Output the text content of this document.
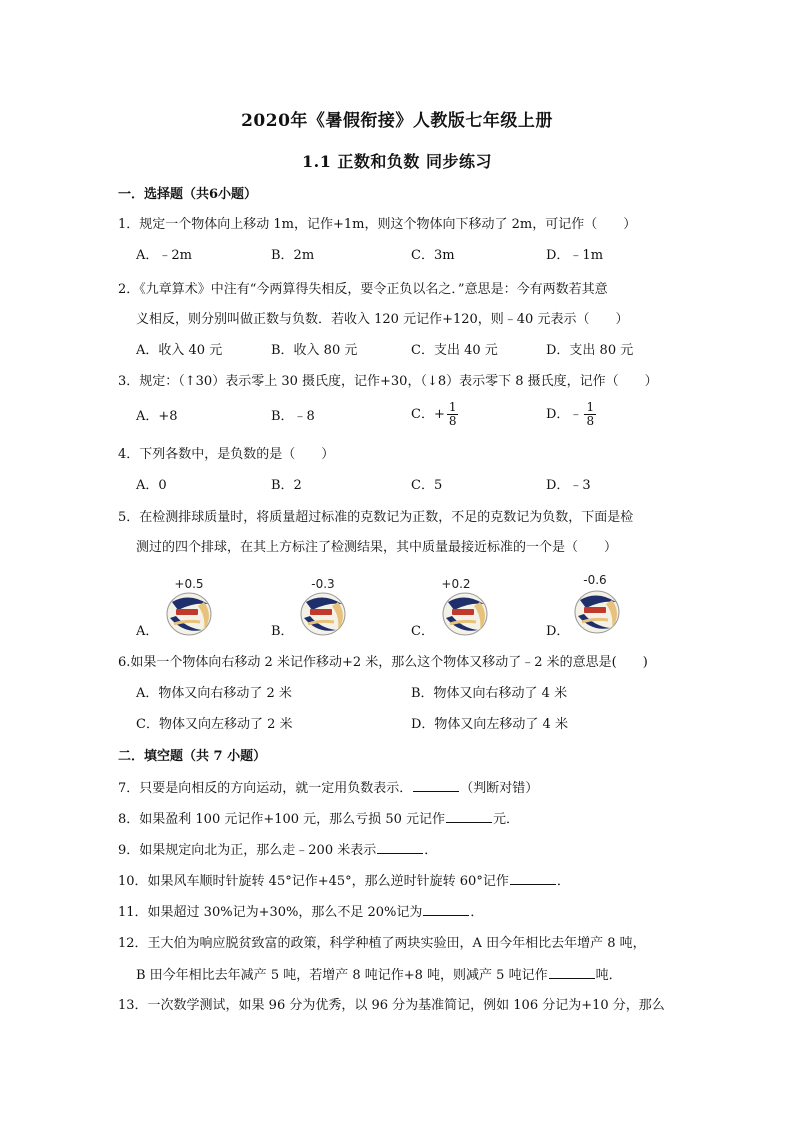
2020年《暑假衔接》人教版七年级上册
1.1 正数和负数 同步练习
一．选择题（共6小题）
1．规定一个物体向上移动 1m，记作+1m，则这个物体向下移动了 2m，可记作（　　）
A．﹣2m	B．2m	C．3m	D．﹣1m
2．《九章算术》中注有“今两算得失相反，要令正负以名之．”意思是：今有两数若其意
义相反，则分别叫做正数与负数．若收入 120 元记作+120，则﹣40 元表示（　　）
A．收入 40 元	B．收入 80 元	C．支出 40 元	D．支出 80 元
3．规定：（↑30）表示零上 30 摄氏度，记作+30，（↓8）表示零下 8 摄氏度，记作（　　）
A．+8	B．﹣8	C．+ $\frac{1}{8}$	D．﹣ $\frac{1}{8}$
4．下列各数中，是负数的是（　　）
A．0	B．2	C．5	D．﹣3
5．在检测排球质量时，将质量超过标准的克数记为正数，不足的克数记为负数，下面是检
测过的四个排球，在其上方标注了检测结果，其中质量最接近标准的一个是（　　）
+0.5	-0.3	+0.2	-0.6
A．	B．	C．	D．
6.如果一个物体向右移动 2 米记作移动+2 米，那么这个物体又移动了﹣2 米的意思是(　　)
A．物体又向右移动了 2 米	B．物体又向右移动了 4 米
C．物体又向左移动了 2 米	D．物体又向左移动了 4 米
二．填空题（共 7 小题）
7．只要是向相反的方向运动，就一定用负数表示．	（判断对错）
8．如果盈利 100 元记作+100 元，那么亏损 50 元记作	元．
9．如果规定向北为正，那么走﹣200 米表示	．
10．如果风车顺时针旋转 45°记作+45°，那么逆时针旋转 60°记作	．
11．如果超过 30%记为+30%，那么不足 20%记为	．
12．王大伯为响应脱贫致富的政策，科学种植了两块实验田，A 田今年相比去年增产 8 吨，
B 田今年相比去年减产 5 吨，若增产 8 吨记作+8 吨，则减产 5 吨记作	吨．
13．一次数学测试，如果 96 分为优秀，以 96 分为基准简记，例如 106 分记为+10 分，那么
